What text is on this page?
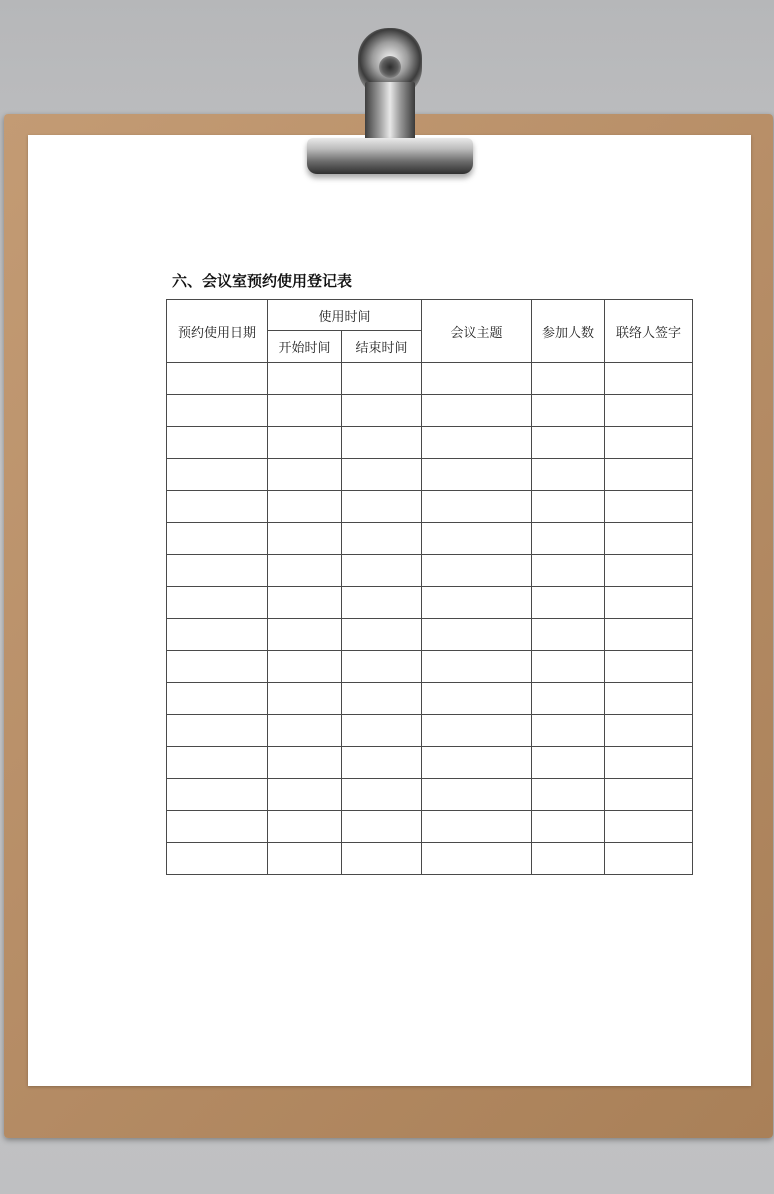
六、会议室预约使用登记表
预约使用日期	使用时间		会议主题	参加人数	联络人签字
	开始时间	结束时间			
